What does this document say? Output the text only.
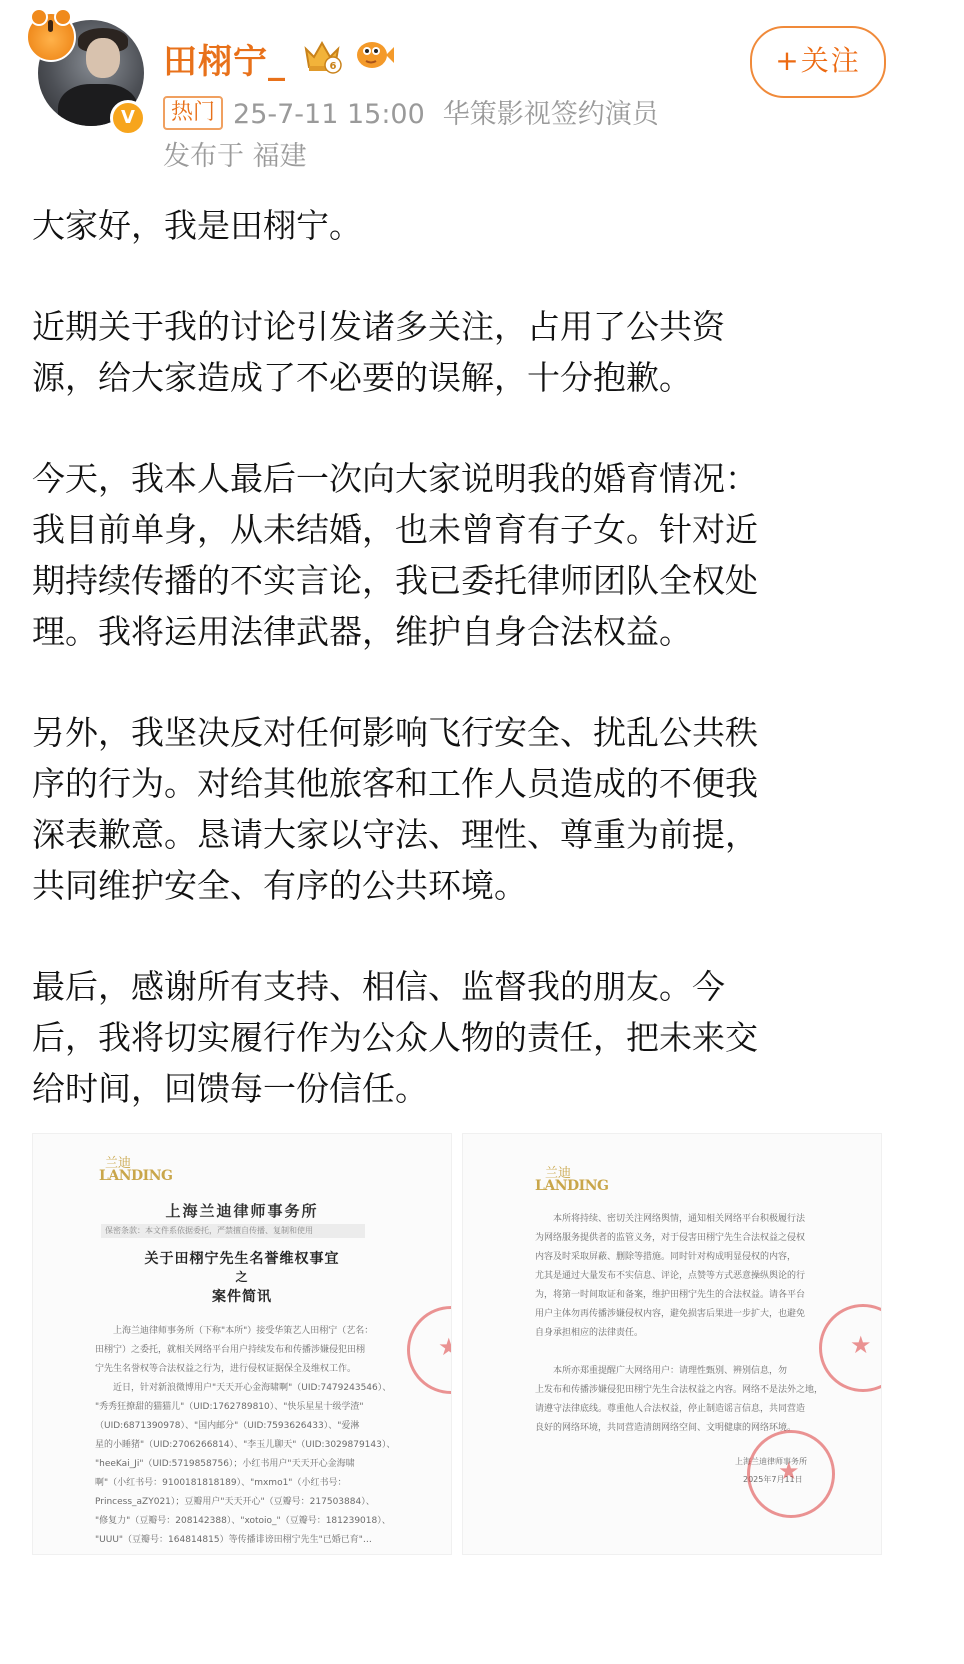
V
田栩宁_	6	+关注
热门 25-7-11 15:00 华策影视签约演员
发布于 福建

大家好，我是田栩宁。

近期关于我的讨论引发诸多关注，占用了公共资
源，给大家造成了不必要的误解，十分抱歉。

今天，我本人最后一次向大家说明我的婚育情况：
我目前单身，从未结婚，也未曾育有子女。针对近
期持续传播的不实言论，我已委托律师团队全权处
理。我将运用法律武器，维护自身合法权益。

另外，我坚决反对任何影响飞行安全、扰乱公共秩
序的行为。对给其他旅客和工作人员造成的不便我
深表歉意。恳请大家以守法、理性、尊重为前提，
共同维护安全、有序的公共环境。

最后，感谢所有支持、相信、监督我的朋友。今
后，我将切实履行作为公众人物的责任，把未来交
给时间，回馈每一份信任。

兰迪
LANDING
上海兰迪律师事务所
保密条款：本文件系依据委托，严禁擅自传播、复制和使用
关于田栩宁先生名誉维权事宜
之
案件简讯
　　上海兰迪律师事务所（下称"本所"）接受华策艺人田栩宁（艺名：
田栩宁）之委托，就相关网络平台用户持续发布和传播涉嫌侵犯田栩
宁先生名誉权等合法权益之行为，进行侵权证据保全及维权工作。
　　近日，针对新浪微博用户"天天开心金海啸啊"（UID:7479243546）、
"秀秀狂撩甜的猫猫儿"（UID:1762789810）、"快乐星星十级学渣"
（UID:6871390978）、"国内邮分"（UID:7593626433）、"爱淋
星的小睡猪"（UID:2706266814）、"李玉儿聊天"（UID:3029879143）、
"heeKai_Ji"（UID:5719858756）；小红书用户"天天开心金海啸
啊"（小红书号：9100181818189）、"mxmo1"（小红书号：
Princess_aZY021）；豆瓣用户"天天开心"（豆瓣号：217503884）、
"修复力"（豆瓣号：208142388）、"xotoio_"（豆瓣号：181239018）、
"UUU"（豆瓣号：164814815）等传播诽谤田栩宁先生"已婚已育"…
★
兰迪
LANDING
　　本所将持续、密切关注网络舆情，通知相关网络平台积极履行法
为网络服务提供者的监管义务，对于侵害田栩宁先生合法权益之侵权
内容及时采取屏蔽、删除等措施。同时针对构成明显侵权的内容，
尤其是通过大量发布不实信息、评论，点赞等方式恶意操纵舆论的行
为，将第一时间取证和备案，维护田栩宁先生的合法权益。请各平台
用户主体勿再传播涉嫌侵权内容，避免损害后果进一步扩大，也避免
自身承担相应的法律责任。

　　本所亦郑重提醒广大网络用户：请理性甄别、辨别信息，勿
上发布和传播涉嫌侵犯田栩宁先生合法权益之内容。网络不是法外之地，
请遵守法律底线。尊重他人合法权益，停止制造谣言信息，共同营造
良好的网络环境，共同营造清朗网络空间、文明健康的网络环境。
上海兰迪律师事务所
2025年7月11日
★
★
